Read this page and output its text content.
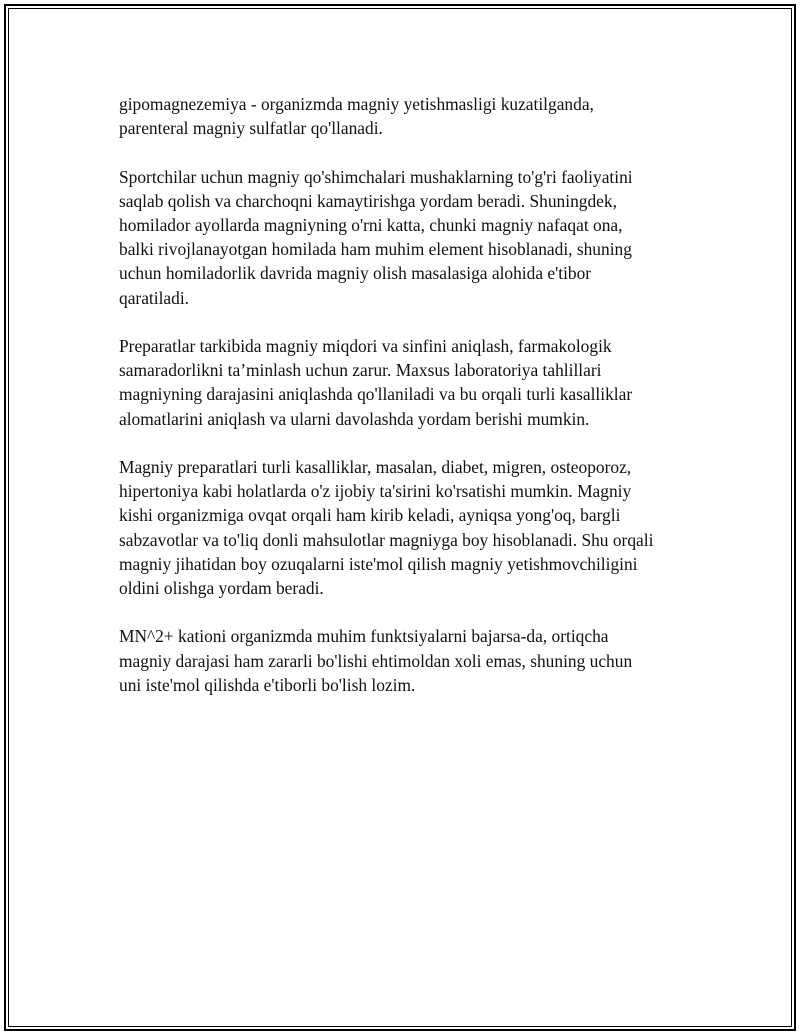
gipomagnezemiya - organizmda magniy yetishmasligi kuzatilganda,
parenteral magniy sulfatlar qo'llanadi.

Sportchilar uchun magniy qo'shimchalari mushaklarning to'g'ri faoliyatini
saqlab qolish va charchoqni kamaytirishga yordam beradi. Shuningdek,
homilador ayollarda magniyning o'rni katta, chunki magniy nafaqat ona,
balki rivojlanayotgan homilada ham muhim element hisoblanadi, shuning
uchun homiladorlik davrida magniy olish masalasiga alohida e'tibor
qaratiladi.

Preparatlar tarkibida magniy miqdori va sinfini aniqlash, farmakologik
samaradorlikni ta’minlash uchun zarur. Maxsus laboratoriya tahlillari
magniyning darajasini aniqlashda qo'llaniladi va bu orqali turli kasalliklar
alomatlarini aniqlash va ularni davolashda yordam berishi mumkin.

Magniy preparatlari turli kasalliklar, masalan, diabet, migren, osteoporoz,
hipertoniya kabi holatlarda o'z ijobiy ta'sirini ko'rsatishi mumkin. Magniy
kishi organizmiga ovqat orqali ham kirib keladi, ayniqsa yong'oq, bargli
sabzavotlar va to'liq donli mahsulotlar magniyga boy hisoblanadi. Shu orqali
magniy jihatidan boy ozuqalarni iste'mol qilish magniy yetishmovchiligini
oldini olishga yordam beradi.

MN^2+ kationi organizmda muhim funktsiyalarni bajarsa-da, ortiqcha
magniy darajasi ham zararli bo'lishi ehtimoldan xoli emas, shuning uchun
uni iste'mol qilishda e'tiborli bo'lish lozim.
